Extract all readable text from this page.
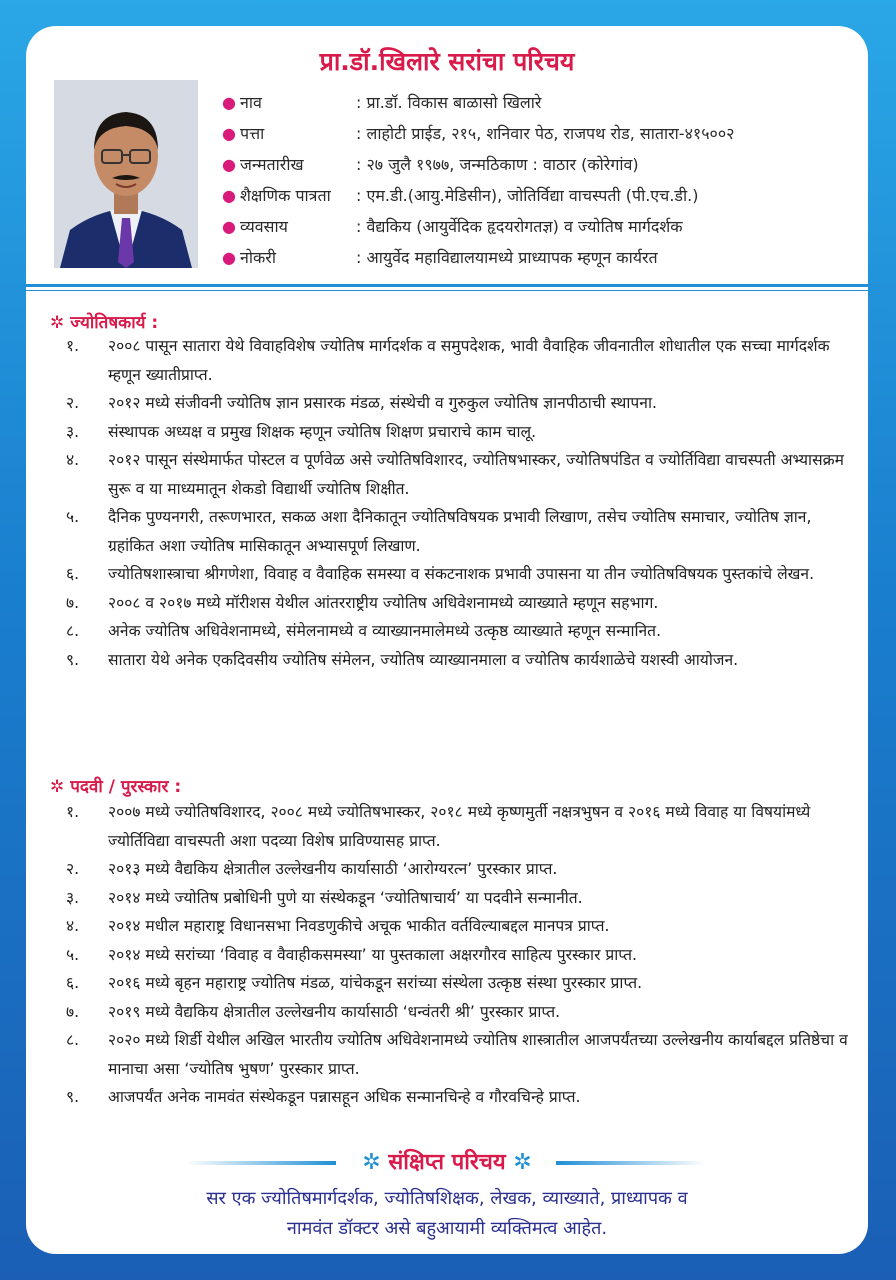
प्रा.डॉ.खिलारे सरांचा परिचय
● नाव	: प्रा.डॉ. विकास बाळासो खिलारे
● पत्ता	: लाहोटी प्राईड, २१५, शनिवार पेठ, राजपथ रोड, सातारा-४१५००२
● जन्मतारीख	: २७ जुलै १९७७, जन्मठिकाण : वाठार (कोरेगांव)
● शैक्षणिक पात्रता : एम.डी.(आयु.मेडिसीन), जोतिर्विद्या वाचस्पती (पी.एच.डी.)
● व्यवसाय	: वैद्यकिय (आयुर्वेदिक हृदयरोगतज्ञ) व ज्योतिष मार्गदर्शक
● नोकरी	: आयुर्वेद महाविद्यालयामध्ये प्राध्यापक म्हणून कार्यरत
✲ ज्योतिषकार्य :
१. २००८ पासून सातारा येथे विवाहविशेष ज्योतिष मार्गदर्शक व समुपदेशक, भावी वैवाहिक जीवनातील शोधातील एक सच्चा मार्गदर्शक म्हणून ख्यातीप्राप्त.
२. २०१२ मध्ये संजीवनी ज्योतिष ज्ञान प्रसारक मंडळ, संस्थेची व गुरुकुल ज्योतिष ज्ञानपीठाची स्थापना.
३. संस्थापक अध्यक्ष व प्रमुख शिक्षक म्हणून ज्योतिष शिक्षण प्रचाराचे काम चालू.
४. २०१२ पासून संस्थेमार्फत पोस्टल व पूर्णवेळ असे ज्योतिषविशारद, ज्योतिषभास्कर, ज्योतिषपंडित व ज्योर्तिविद्या वाचस्पती अभ्यासक्रम सुरू व या माध्यमातून शेकडो विद्यार्थी ज्योतिष शिक्षीत.
५. दैनिक पुण्यनगरी, तरूणभारत, सकळ अशा दैनिकातून ज्योतिषविषयक प्रभावी लिखाण, तसेच ज्योतिष समाचार, ज्योतिष ज्ञान, ग्रहांकित अशा ज्योतिष मासिकातून अभ्यासपूर्ण लिखाण.
६. ज्योतिषशास्त्राचा श्रीगणेशा, विवाह व वैवाहिक समस्या व संकटनाशक प्रभावी उपासना या तीन ज्योतिषविषयक पुस्तकांचे लेखन.
७. २००८ व २०१७ मध्ये मॉरीशस येथील आंतरराष्ट्रीय ज्योतिष अधिवेशनामध्ये व्याख्याते म्हणून सहभाग.
८. अनेक ज्योतिष अधिवेशनामध्ये, संमेलनामध्ये व व्याख्यानमालेमध्ये उत्कृष्ठ व्याख्याते म्हणून सन्मानित.
९. सातारा येथे अनेक एकदिवसीय ज्योतिष संमेलन, ज्योतिष व्याख्यानमाला व ज्योतिष कार्यशाळेचे यशस्वी आयोजन.
✲ पदवी / पुरस्कार :
१. २००७ मध्ये ज्योतिषविशारद, २००८ मध्ये ज्योतिषभास्कर, २०१८ मध्ये कृष्णमुर्ती नक्षत्रभुषन व २०१६ मध्ये विवाह या विषयांमध्ये ज्योर्तिविद्या वाचस्पती अशा पदव्या विशेष प्राविण्यासह प्राप्त.
२. २०१३ मध्ये वैद्यकिय क्षेत्रातील उल्लेखनीय कार्यासाठी ‘आरोग्यरत्न’ पुरस्कार प्राप्त.
३. २०१४ मध्ये ज्योतिष प्रबोधिनी पुणे या संस्थेकडून ‘ज्योतिषाचार्य’ या पदवीने सन्मानीत.
४. २०१४ मधील महाराष्ट्र विधानसभा निवडणुकीचे अचूक भाकीत वर्तविल्याबद्दल मानपत्र प्राप्त.
५. २०१४ मध्ये सरांच्या ‘विवाह व वैवाहीकसमस्या’ या पुस्तकाला अक्षरगौरव साहित्य पुरस्कार प्राप्त.
६. २०१६ मध्ये बृहन महाराष्ट्र ज्योतिष मंडळ, यांचेकडून सरांच्या संस्थेला उत्कृष्ठ संस्था पुरस्कार प्राप्त.
७. २०१९ मध्ये वैद्यकिय क्षेत्रातील उल्लेखनीय कार्यासाठी ‘धन्वंतरी श्री’ पुरस्कार प्राप्त.
८. २०२० मध्ये शिर्डी येथील अखिल भारतीय ज्योतिष अधिवेशनामध्ये ज्योतिष शास्त्रातील आजपर्यंतच्या उल्लेखनीय कार्याबद्दल प्रतिष्ठेचा व मानाचा असा ‘ज्योतिष भुषण’ पुरस्कार प्राप्त.
९. आजपर्यंत अनेक नामवंत संस्थेकडून पन्नासहून अधिक सन्मानचिन्हे व गौरवचिन्हे प्राप्त.
✲ संक्षिप्त परिचय ✲
सर एक ज्योतिषमार्गदर्शक, ज्योतिषशिक्षक, लेखक, व्याख्याते, प्राध्यापक व
नामवंत डॉक्टर असे बहुआयामी व्यक्तिमत्व आहेत.
